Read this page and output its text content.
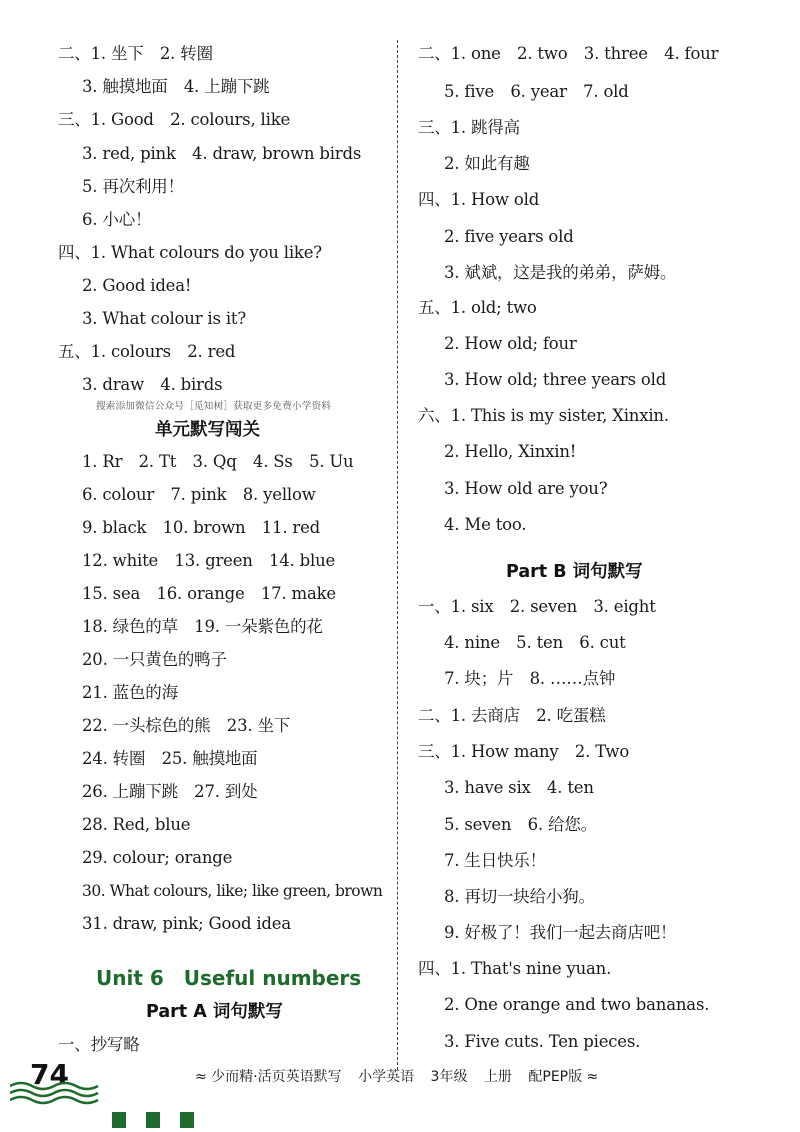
二、1. 坐下　2. 转圈
3. 触摸地面　4. 上蹦下跳
三、1. Good　2. colours, like
3. red, pink　4. draw, brown birds
5. 再次利用！
6. 小心！
四、1. What colours do you like?
2. Good idea!
3. What colour is it?
五、1. colours　2. red
3. draw　4. birds
搜索添加微信公众号［觅知树］获取更多免费小学资料
单元默写闯关
1. Rr　2. Tt　3. Qq　4. Ss　5. Uu
6. colour　7. pink　8. yellow
9. black　10. brown　11. red
12. white　13. green　14. blue
15. sea　16. orange　17. make
18. 绿色的草　19. 一朵紫色的花
20. 一只黄色的鸭子
21. 蓝色的海
22. 一头棕色的熊　23. 坐下
24. 转圈　25. 触摸地面
26. 上蹦下跳　27. 到处
28. Red, blue
29. colour; orange
30. What colours, like; like green, brown
31. draw, pink; Good idea
Unit 6　Useful numbers
Part A 词句默写
一、抄写略
二、1. one　2. two　3. three　4. four
5. five　6. year　7. old
三、1. 跳得高
2. 如此有趣
四、1. How old
2. five years old
3. 斌斌，这是我的弟弟，萨姆。
五、1. old; two
2. How old; four
3. How old; three years old
六、1. This is my sister, Xinxin.
2. Hello, Xinxin!
3. How old are you?
4. Me too.
Part B 词句默写
一、1. six　2. seven　3. eight
4. nine　5. ten　6. cut
7. 块；片　8. ……点钟
二、1. 去商店　2. 吃蛋糕
三、1. How many　2. Two
3. have six　4. ten
5. seven　6. 给您。
7. 生日快乐！
8. 再切一块给小狗。
9. 好极了！我们一起去商店吧！
四、1. That's nine yuan.
2. One orange and two bananas.
3. Five cuts. Ten pieces.
74	≈ 少而精·活页英语默写 小学英语 3年级 上册 配PEP版 ≈
